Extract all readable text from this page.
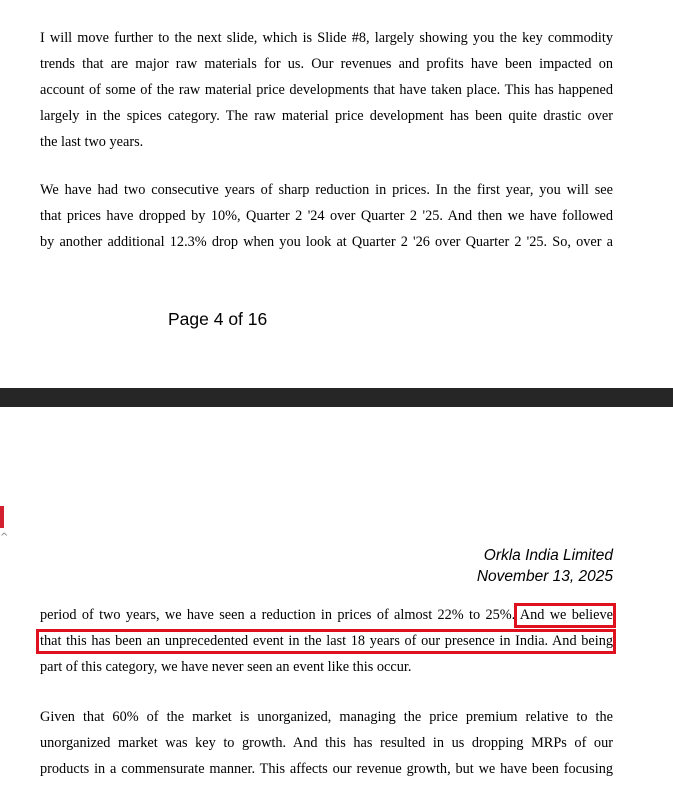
I will move further to the next slide, which is Slide #8, largely showing you the key commodity
trends that are major raw materials for us. Our revenues and profits have been impacted on
account of some of the raw material price developments that have taken place. This has happened
largely in the spices category. The raw material price development has been quite drastic over
the last two years.
We have had two consecutive years of sharp reduction in prices. In the first year, you will see
that prices have dropped by 10%, Quarter 2 '24 over Quarter 2 '25. And then we have followed
by another additional 12.3% drop when you look at Quarter 2 '26 over Quarter 2 '25. So, over a
Page 4 of 16
^
Orkla India Limited
November 13, 2025
period of two years, we have seen a reduction in prices of almost 22% to 25%. And we believe
that this has been an unprecedented event in the last 18 years of our presence in India. And being
part of this category, we have never seen an event like this occur.
Given that 60% of the market is unorganized, managing the price premium relative to the
unorganized market was key to growth. And this has resulted in us dropping MRPs of our
products in a commensurate manner. This affects our revenue growth, but we have been focusing
